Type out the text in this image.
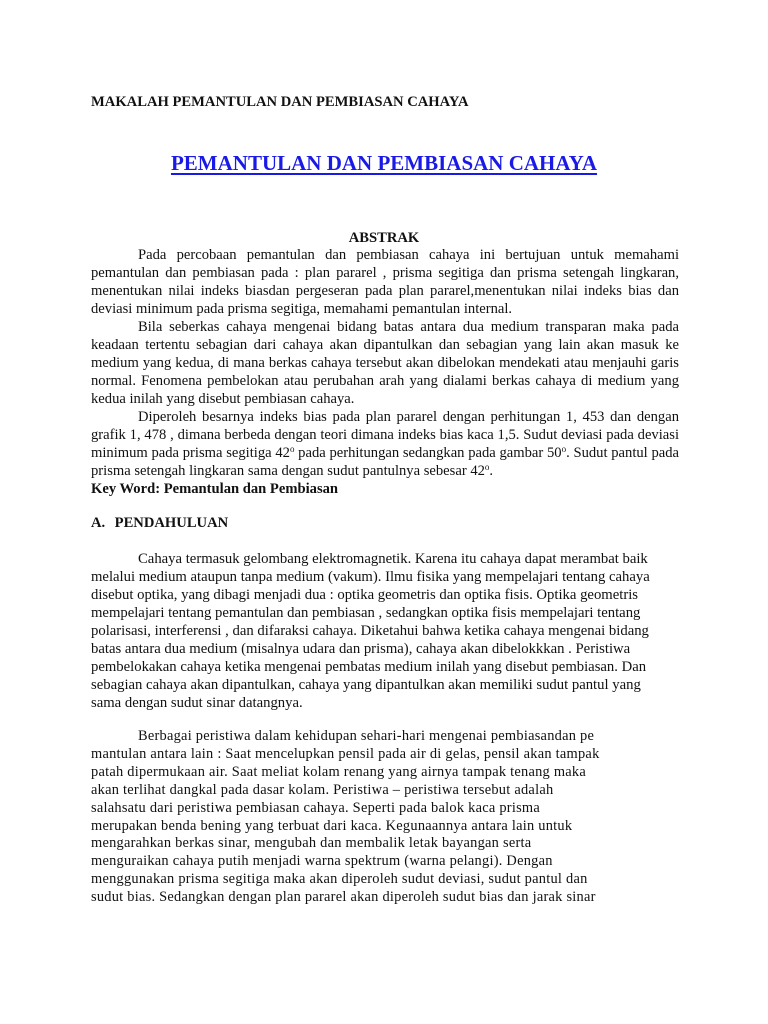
MAKALAH PEMANTULAN DAN PEMBIASAN CAHAYA
PEMANTULAN DAN PEMBIASAN CAHAYA
ABSTRAK

Pada percobaan pemantulan dan pembiasan cahaya ini bertujuan untuk memahami pemantulan dan pembiasan pada : plan pararel , prisma segitiga dan prisma setengah lingkaran, menentukan nilai indeks biasdan pergeseran pada plan pararel,menentukan nilai indeks bias dan deviasi minimum pada prisma segitiga, memahami pemantulan internal.

Bila seberkas cahaya mengenai bidang batas antara dua medium transparan maka pada keadaan tertentu sebagian dari cahaya akan dipantulkan dan sebagian yang lain akan masuk ke medium yang kedua, di mana berkas cahaya tersebut akan dibelokan mendekati atau menjauhi garis normal. Fenomena pembelokan atau perubahan arah yang dialami berkas cahaya di medium yang kedua inilah yang disebut pembiasan cahaya.

Diperoleh besarnya indeks bias pada plan pararel dengan perhitungan 1, 453 dan dengan grafik 1, 478 , dimana berbeda dengan teori dimana indeks bias kaca 1,5. Sudut deviasi pada deviasi minimum pada prisma segitiga 42$^o$ pada perhitungan sedangkan pada gambar 50$^o$. Sudut pantul pada prisma setengah lingkaran sama dengan sudut pantulnya sebesar 42$^o$.

Key Word: Pemantulan dan Pembiasan

A. PENDAHULUAN
Cahaya termasuk gelombang elektromagnetik. Karena itu cahaya dapat merambat baik
melalui medium ataupun tanpa medium (vakum). Ilmu fisika yang mempelajari tentang cahaya
disebut optika, yang dibagi menjadi dua : optika geometris dan optika fisis. Optika geometris
mempelajari tentang pemantulan dan pembiasan , sedangkan optika fisis mempelajari tentang
polarisasi, interferensi , dan difaraksi cahaya. Diketahui bahwa ketika cahaya mengenai bidang
batas antara dua medium (misalnya udara dan prisma), cahaya akan dibelokkkan . Peristiwa
pembelokakan cahaya ketika mengenai pembatas medium inilah yang disebut pembiasan. Dan
sebagian cahaya akan dipantulkan, cahaya yang dipantulkan akan memiliki sudut pantul yang
sama dengan sudut sinar datangnya.
Berbagai peristiwa dalam kehidupan sehari-hari mengenai pembiasandan pe
mantulan antara lain : Saat mencelupkan pensil pada air di gelas, pensil akan tampak
patah dipermukaan air. Saat meliat kolam renang yang airnya tampak tenang maka
akan terlihat dangkal pada dasar kolam. Peristiwa – peristiwa tersebut adalah
salahsatu dari peristiwa pembiasan cahaya. Seperti pada balok kaca prisma
merupakan benda bening yang terbuat dari kaca. Kegunaannya antara lain untuk
mengarahkan berkas sinar, mengubah dan membalik letak bayangan serta
menguraikan cahaya putih menjadi warna spektrum (warna pelangi). Dengan
menggunakan prisma segitiga maka akan diperoleh sudut deviasi, sudut pantul dan
sudut bias. Sedangkan dengan plan pararel akan diperoleh sudut bias dan jarak sinar
